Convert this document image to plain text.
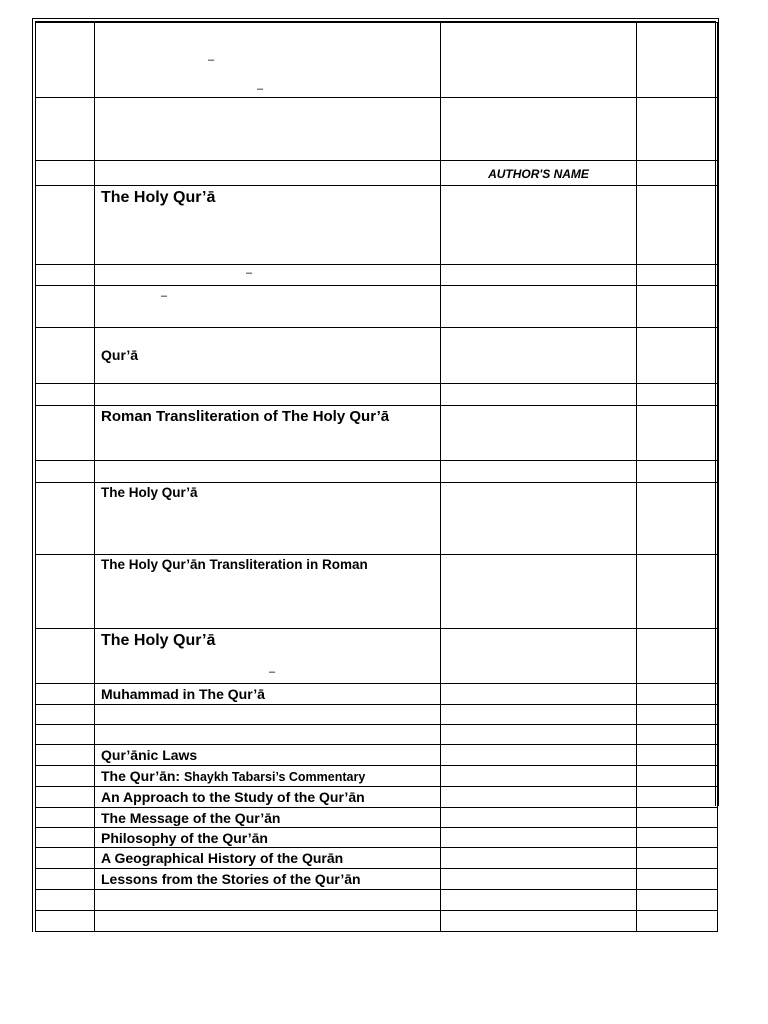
	–
–		

		AUTHOR'S NAME	

	The Holy Qur’ā		

	–		

	–		

	Qur’ā		

	Roman Transliteration of The Holy Qur’ā		

	The Holy Qur’ā		

	The Holy Qur’ān Transliteration in Roman		

	The Holy Qur’ā
–		

	Muhammad in The Qur’ā		

	Qur’ānic Laws		

	The Qur’ān: Shaykh Tabarsi’s Commentary		

	An Approach to the Study of the Qur’ān		

	The Message of the Qur’ān		

	Philosophy of the Qur’ān		

	A Geographical History of the Qurān		

	Lessons from the Stories of the Qur’ān		
